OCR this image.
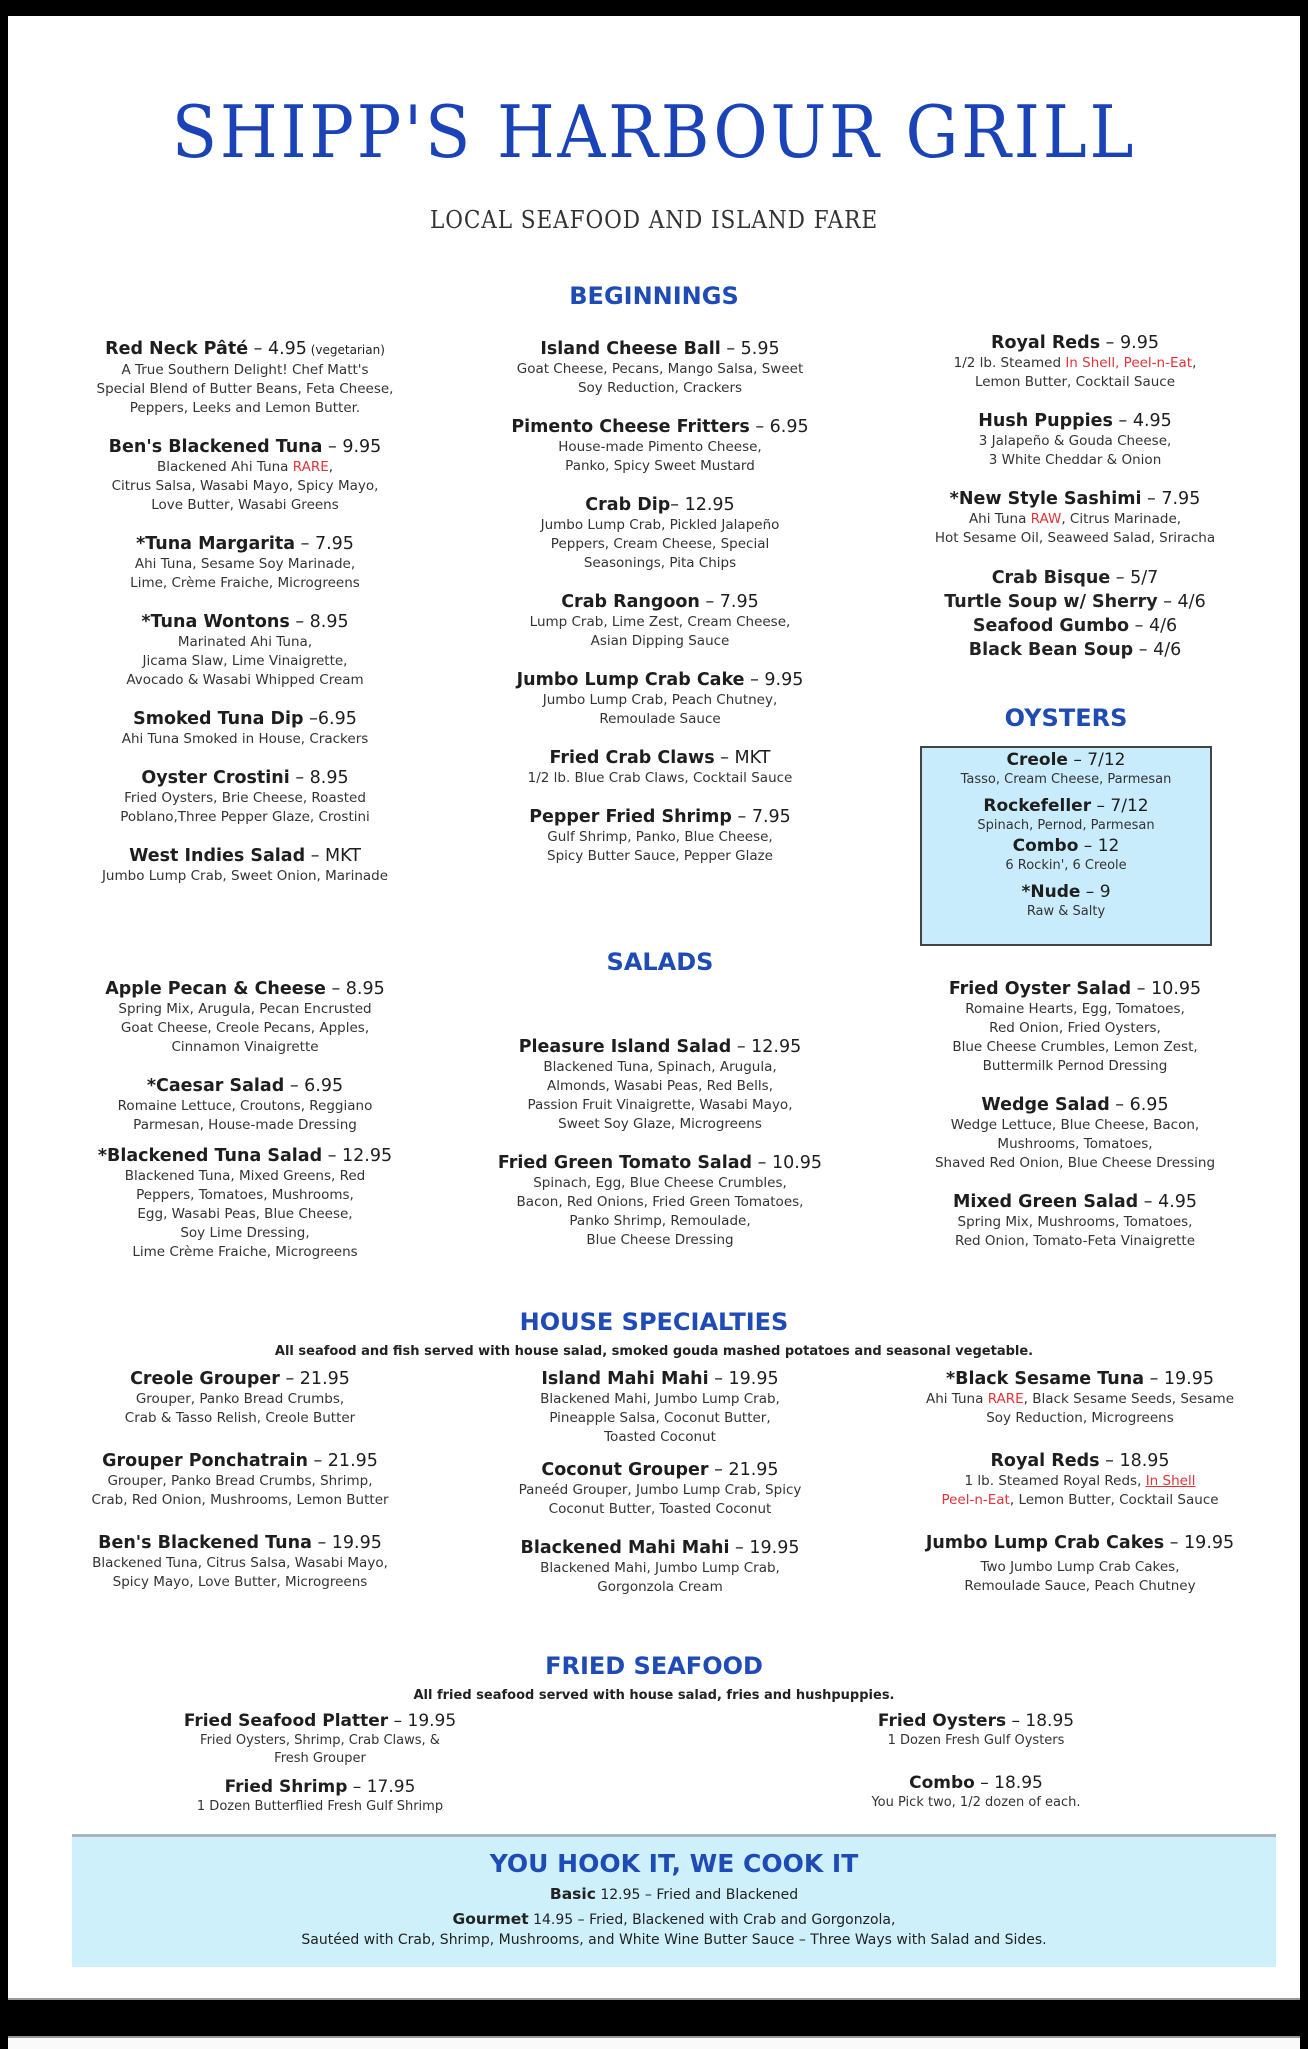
SHIPP'S HARBOUR GRILL
LOCAL SEAFOOD AND ISLAND FARE
BEGINNINGS
Red Neck Pâté – 4.95 (vegetarian)
A True Southern Delight! Chef Matt's
Special Blend of Butter Beans, Feta Cheese,
Peppers, Leeks and Lemon Butter.
Ben's Blackened Tuna – 9.95
Blackened Ahi Tuna RARE,
Citrus Salsa, Wasabi Mayo, Spicy Mayo,
Love Butter, Wasabi Greens
*Tuna Margarita – 7.95
Ahi Tuna, Sesame Soy Marinade,
Lime, Crème Fraiche, Microgreens
*Tuna Wontons – 8.95
Marinated Ahi Tuna,
Jicama Slaw, Lime Vinaigrette,
Avocado & Wasabi Whipped Cream
Smoked Tuna Dip –6.95
Ahi Tuna Smoked in House, Crackers
Oyster Crostini – 8.95
Fried Oysters, Brie Cheese, Roasted
Poblano,Three Pepper Glaze, Crostini
West Indies Salad – MKT
Jumbo Lump Crab, Sweet Onion, Marinade
Island Cheese Ball – 5.95
Goat Cheese, Pecans, Mango Salsa, Sweet
Soy Reduction, Crackers
Pimento Cheese Fritters – 6.95
House-made Pimento Cheese,
Panko, Spicy Sweet Mustard
Crab Dip– 12.95
Jumbo Lump Crab, Pickled Jalapeño
Peppers, Cream Cheese, Special
Seasonings, Pita Chips
Crab Rangoon – 7.95
Lump Crab, Lime Zest, Cream Cheese,
Asian Dipping Sauce
Jumbo Lump Crab Cake – 9.95
Jumbo Lump Crab, Peach Chutney,
Remoulade Sauce
Fried Crab Claws – MKT
1/2 lb. Blue Crab Claws, Cocktail Sauce
Pepper Fried Shrimp – 7.95
Gulf Shrimp, Panko, Blue Cheese,
Spicy Butter Sauce, Pepper Glaze
Royal Reds – 9.95
1/2 lb. Steamed In Shell, Peel-n-Eat,
Lemon Butter, Cocktail Sauce
Hush Puppies – 4.95
3 Jalapeño & Gouda Cheese,
3 White Cheddar & Onion
*New Style Sashimi – 7.95
Ahi Tuna RAW, Citrus Marinade,
Hot Sesame Oil, Seaweed Salad, Sriracha
Crab Bisque – 5/7
Turtle Soup w/ Sherry – 4/6
Seafood Gumbo – 4/6
Black Bean Soup – 4/6
OYSTERS
Creole – 7/12
Tasso, Cream Cheese, Parmesan
Rockefeller – 7/12
Spinach, Pernod, Parmesan
Combo – 12
6 Rockin', 6 Creole
*Nude – 9
Raw & Salty
SALADS
Apple Pecan & Cheese – 8.95
Spring Mix, Arugula, Pecan Encrusted
Goat Cheese, Creole Pecans, Apples,
Cinnamon Vinaigrette
*Caesar Salad – 6.95
Romaine Lettuce, Croutons, Reggiano
Parmesan, House-made Dressing
*Blackened Tuna Salad – 12.95
Blackened Tuna, Mixed Greens, Red
Peppers, Tomatoes, Mushrooms,
Egg, Wasabi Peas, Blue Cheese,
Soy Lime Dressing,
Lime Crème Fraiche, Microgreens
Pleasure Island Salad – 12.95
Blackened Tuna, Spinach, Arugula,
Almonds, Wasabi Peas, Red Bells,
Passion Fruit Vinaigrette, Wasabi Mayo,
Sweet Soy Glaze, Microgreens
Fried Green Tomato Salad – 10.95
Spinach, Egg, Blue Cheese Crumbles,
Bacon, Red Onions, Fried Green Tomatoes,
Panko Shrimp, Remoulade,
Blue Cheese Dressing
Fried Oyster Salad – 10.95
Romaine Hearts, Egg, Tomatoes,
Red Onion, Fried Oysters,
Blue Cheese Crumbles, Lemon Zest,
Buttermilk Pernod Dressing
Wedge Salad – 6.95
Wedge Lettuce, Blue Cheese, Bacon,
Mushrooms, Tomatoes,
Shaved Red Onion, Blue Cheese Dressing
Mixed Green Salad – 4.95
Spring Mix, Mushrooms, Tomatoes,
Red Onion, Tomato-Feta Vinaigrette
HOUSE SPECIALTIES
All seafood and fish served with house salad, smoked gouda mashed potatoes and seasonal vegetable.
Creole Grouper – 21.95
Grouper, Panko Bread Crumbs,
Crab & Tasso Relish, Creole Butter
Grouper Ponchatrain – 21.95
Grouper, Panko Bread Crumbs, Shrimp,
Crab, Red Onion, Mushrooms, Lemon Butter
Ben's Blackened Tuna – 19.95
Blackened Tuna, Citrus Salsa, Wasabi Mayo,
Spicy Mayo, Love Butter, Microgreens
Island Mahi Mahi – 19.95
Blackened Mahi, Jumbo Lump Crab,
Pineapple Salsa, Coconut Butter,
Toasted Coconut
Coconut Grouper – 21.95
Paneéd Grouper, Jumbo Lump Crab, Spicy
Coconut Butter, Toasted Coconut
Blackened Mahi Mahi – 19.95
Blackened Mahi, Jumbo Lump Crab,
Gorgonzola Cream
*Black Sesame Tuna – 19.95
Ahi Tuna RARE, Black Sesame Seeds, Sesame
Soy Reduction, Microgreens
Royal Reds – 18.95
1 lb. Steamed Royal Reds, In Shell
Peel-n-Eat, Lemon Butter, Cocktail Sauce
Jumbo Lump Crab Cakes – 19.95
Two Jumbo Lump Crab Cakes,
Remoulade Sauce, Peach Chutney
FRIED SEAFOOD
All fried seafood served with house salad, fries and hushpuppies.
Fried Seafood Platter – 19.95
Fried Oysters, Shrimp, Crab Claws, &
Fresh Grouper
Fried Shrimp – 17.95
1 Dozen Butterflied Fresh Gulf Shrimp
Fried Oysters – 18.95
1 Dozen Fresh Gulf Oysters
Combo – 18.95
You Pick two, 1/2 dozen of each.
YOU HOOK IT, WE COOK IT
Basic 12.95 – Fried and Blackened
Gourmet 14.95 – Fried, Blackened with Crab and Gorgonzola,
Sautéed with Crab, Shrimp, Mushrooms, and White Wine Butter Sauce – Three Ways with Salad and Sides.
